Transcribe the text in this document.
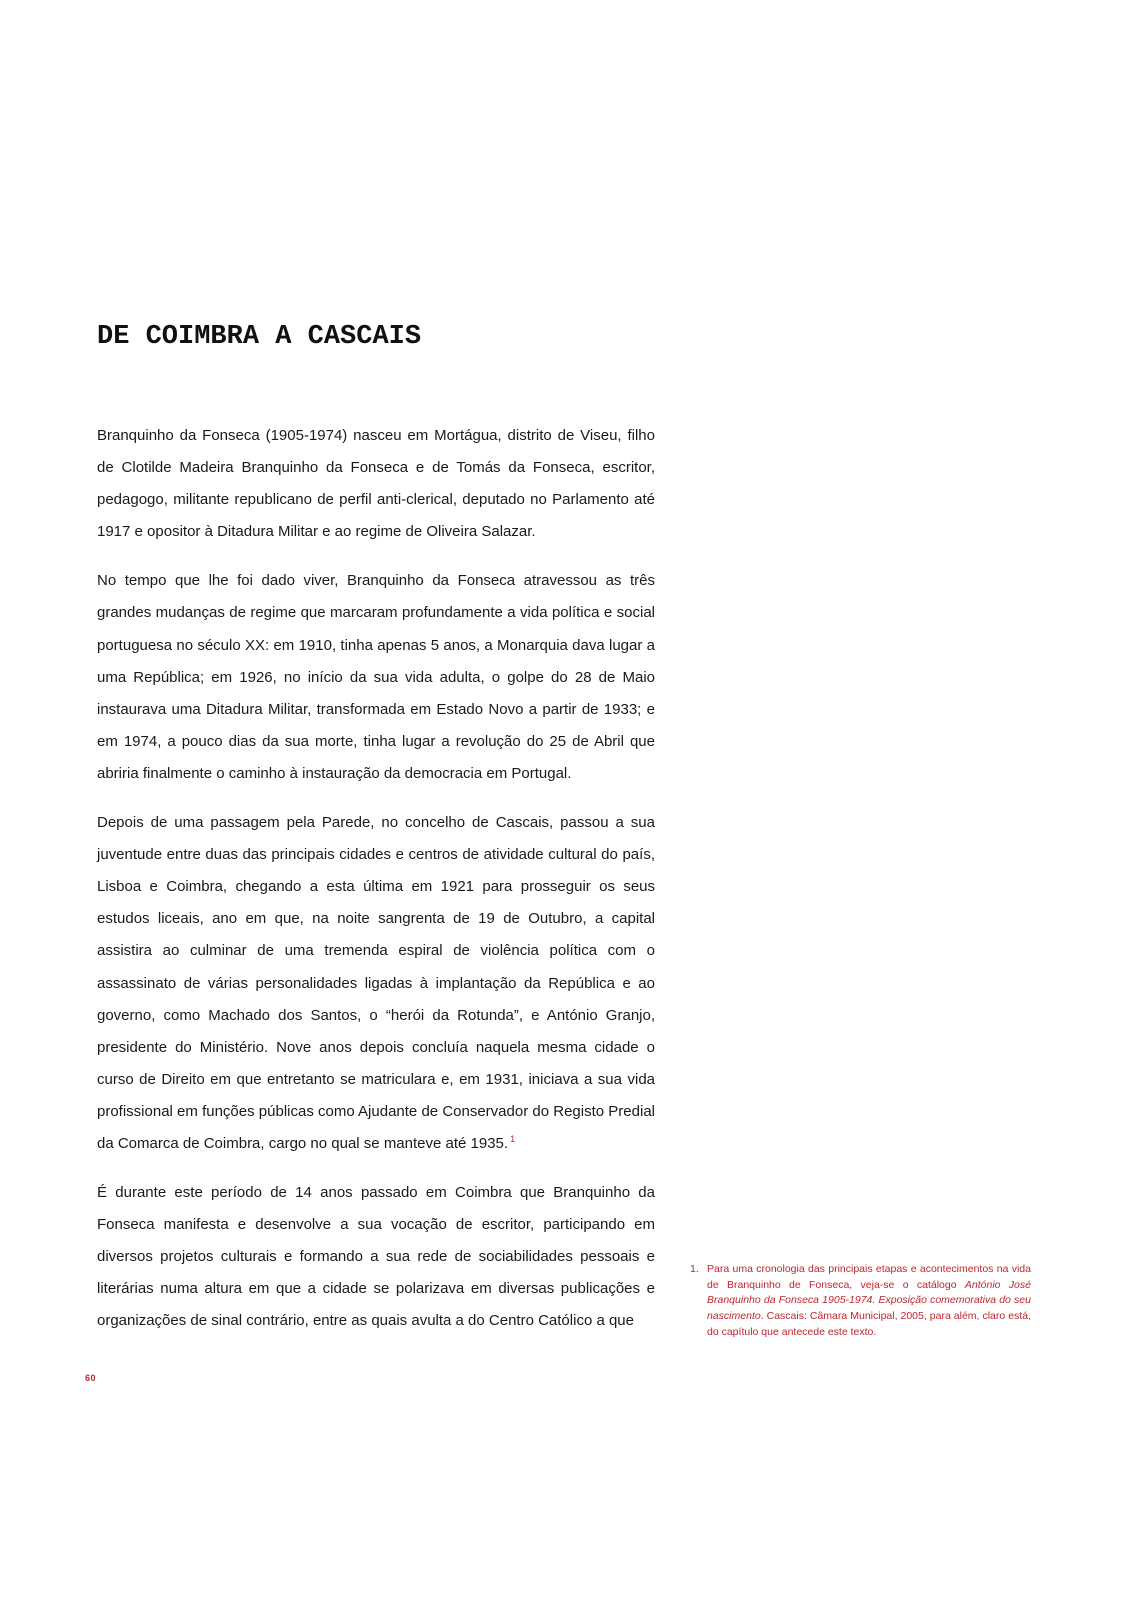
DE COIMBRA A CASCAIS

Branquinho da Fonseca (1905-1974) nasceu em Mortágua, distrito de Viseu, filho de Clotilde Madeira Branquinho da Fonseca e de Tomás da Fonseca, escritor, pedagogo, militante republicano de perfil anti-clerical, deputado no Parlamento até 1917 e opositor à Ditadura Militar e ao regime de Oliveira Salazar.

No tempo que lhe foi dado viver, Branquinho da Fonseca atravessou as três grandes mudanças de regime que marcaram profundamente a vida política e social portuguesa no século XX: em 1910, tinha apenas 5 anos, a Monarquia dava lugar a uma República; em 1926, no início da sua vida adulta, o golpe do 28 de Maio instaurava uma Ditadura Militar, transformada em Estado Novo a partir de 1933; e em 1974, a pouco dias da sua morte, tinha lugar a revolução do 25 de Abril que abriria finalmente o caminho à instauração da democracia em Portugal.

Depois de uma passagem pela Parede, no concelho de Cascais, passou a sua juventude entre duas das principais cidades e centros de atividade cultural do país, Lisboa e Coimbra, chegando a esta última em 1921 para prosseguir os seus estudos liceais, ano em que, na noite sangrenta de 19 de Outubro, a capital assistira ao culminar de uma tremenda espiral de violência política com o assassinato de várias personalidades ligadas à implantação da República e ao governo, como Machado dos Santos, o “herói da Rotunda”, e António Granjo, presidente do Ministério. Nove anos depois concluía naquela mesma cidade o curso de Direito em que entretanto se matriculara e, em 1931, iniciava a sua vida profissional em funções públicas como Ajudante de Conservador do Registo Predial da Comarca de Coimbra, cargo no qual se manteve até 1935. $^1$

É durante este período de 14 anos passado em Coimbra que Branquinho da Fonseca manifesta e desenvolve a sua vocação de escritor, participando em diversos projetos culturais e formando a sua rede de sociabilidades pessoais e literárias numa altura em que a cidade se polarizava em diversas publicações e organizações de sinal contrário, entre as quais avulta a do Centro Católico a que

1. Para uma cronologia das principais etapas e acontecimentos na vida de Branquinho de Fonseca, veja-se o catálogo António José Branquinho da Fonseca 1905-1974. Exposição comemorativa do seu nascimento. Cascais: Câmara Municipal, 2005, para além, claro está, do capítulo que antecede este texto.
60
